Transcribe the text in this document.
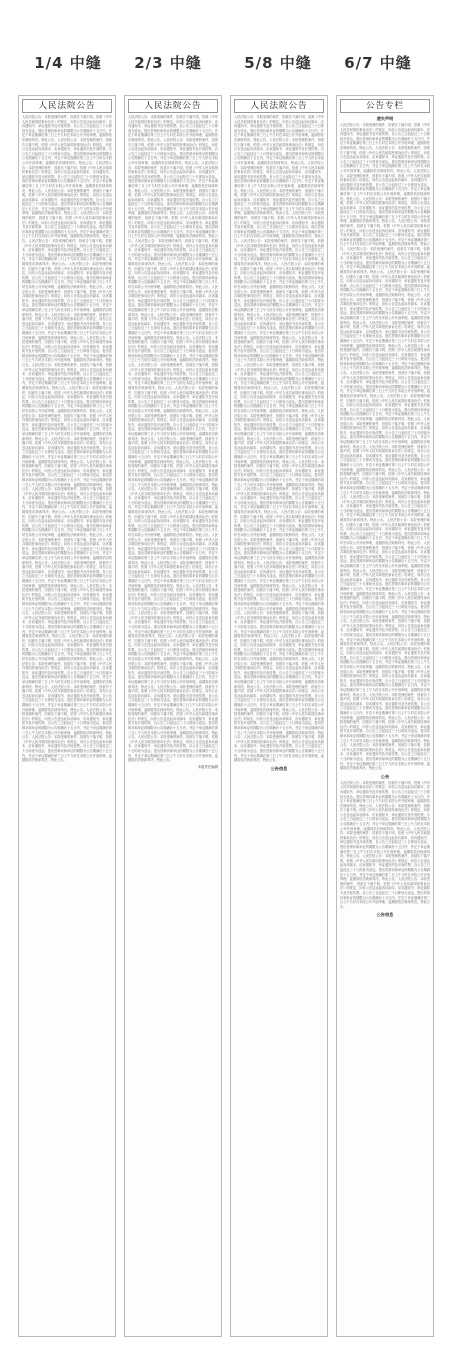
1/4 中缝	2/3 中缝	5/8 中缝	6/7 中缝
人民法院公告
人民法院公告：本院受理的案件，因被告下落不明，依照《中华人民共和国民事诉讼法》的规定，向你公告送达起诉状副本、应诉通知书、举证通知书及开庭传票。自公告之日起经过三十日即视为送达。提出答辩状和举证的期限为公告期满后十五日内，并定于举证期满后第三日上午九时在本院公开开庭审理，逾期将依法缺席判决。特此公告。人民法院公告：本院受理的案件，因被告下落不明，依照《中华人民共和国民事诉讼法》的规定，向你公告送达起诉状副本、应诉通知书、举证通知书及开庭传票。自公告之日起经过三十日即视为送达。提出答辩状和举证的期限为公告期满后十五日内，并定于举证期满后第三日上午九时在本院公开开庭审理，逾期将依法缺席判决。特此公告。人民法院公告：本院受理的案件，因被告下落不明，依照《中华人民共和国民事诉讼法》的规定，向你公告送达起诉状副本、应诉通知书、举证通知书及开庭传票。自公告之日起经过三十日即视为送达。提出答辩状和举证的期限为公告期满后十五日内，并定于举证期满后第三日上午九时在本院公开开庭审理，逾期将依法缺席判决。特此公告。人民法院公告：本院受理的案件，因被告下落不明，依照《中华人民共和国民事诉讼法》的规定，向你公告送达起诉状副本、应诉通知书、举证通知书及开庭传票。自公告之日起经过三十日即视为送达。提出答辩状和举证的期限为公告期满后十五日内，并定于举证期满后第三日上午九时在本院公开开庭审理，逾期将依法缺席判决。特此公告。人民法院公告：本院受理的案件，因被告下落不明，依照《中华人民共和国民事诉讼法》的规定，向你公告送达起诉状副本、应诉通知书、举证通知书及开庭传票。自公告之日起经过三十日即视为送达。提出答辩状和举证的期限为公告期满后十五日内，并定于举证期满后第三日上午九时在本院公开开庭审理，逾期将依法缺席判决。特此公告。人民法院公告：本院受理的案件，因被告下落不明，依照《中华人民共和国民事诉讼法》的规定，向你公告送达起诉状副本、应诉通知书、举证通知书及开庭传票。自公告之日起经过三十日即视为送达。提出答辩状和举证的期限为公告期满后十五日内，并定于举证期满后第三日上午九时在本院公开开庭审理，逾期将依法缺席判决。特此公告。人民法院公告：本院受理的案件，因被告下落不明，依照《中华人民共和国民事诉讼法》的规定，向你公告送达起诉状副本、应诉通知书、举证通知书及开庭传票。自公告之日起经过三十日即视为送达。提出答辩状和举证的期限为公告期满后十五日内，并定于举证期满后第三日上午九时在本院公开开庭审理，逾期将依法缺席判决。特此公告。人民法院公告：本院受理的案件，因被告下落不明，依照《中华人民共和国民事诉讼法》的规定，向你公告送达起诉状副本、应诉通知书、举证通知书及开庭传票。自公告之日起经过三十日即视为送达。提出答辩状和举证的期限为公告期满后十五日内，并定于举证期满后第三日上午九时在本院公开开庭审理，逾期将依法缺席判决。特此公告。人民法院公告：本院受理的案件，因被告下落不明，依照《中华人民共和国民事诉讼法》的规定，向你公告送达起诉状副本、应诉通知书、举证通知书及开庭传票。自公告之日起经过三十日即视为送达。提出答辩状和举证的期限为公告期满后十五日内，并定于举证期满后第三日上午九时在本院公开开庭审理，逾期将依法缺席判决。特此公告。人民法院公告：本院受理的案件，因被告下落不明，依照《中华人民共和国民事诉讼法》的规定，向你公告送达起诉状副本、应诉通知书、举证通知书及开庭传票。自公告之日起经过三十日即视为送达。提出答辩状和举证的期限为公告期满后十五日内，并定于举证期满后第三日上午九时在本院公开开庭审理，逾期将依法缺席判决。特此公告。人民法院公告：本院受理的案件，因被告下落不明，依照《中华人民共和国民事诉讼法》的规定，向你公告送达起诉状副本、应诉通知书、举证通知书及开庭传票。自公告之日起经过三十日即视为送达。提出答辩状和举证的期限为公告期满后十五日内，并定于举证期满后第三日上午九时在本院公开开庭审理，逾期将依法缺席判决。特此公告。人民法院公告：本院受理的案件，因被告下落不明，依照《中华人民共和国民事诉讼法》的规定，向你公告送达起诉状副本、应诉通知书、举证通知书及开庭传票。自公告之日起经过三十日即视为送达。提出答辩状和举证的期限为公告期满后十五日内，并定于举证期满后第三日上午九时在本院公开开庭审理，逾期将依法缺席判决。特此公告。人民法院公告：本院受理的案件，因被告下落不明，依照《中华人民共和国民事诉讼法》的规定，向你公告送达起诉状副本、应诉通知书、举证通知书及开庭传票。自公告之日起经过三十日即视为送达。提出答辩状和举证的期限为公告期满后十五日内，并定于举证期满后第三日上午九时在本院公开开庭审理，逾期将依法缺席判决。特此公告。人民法院公告：本院受理的案件，因被告下落不明，依照《中华人民共和国民事诉讼法》的规定，向你公告送达起诉状副本、应诉通知书、举证通知书及开庭传票。自公告之日起经过三十日即视为送达。提出答辩状和举证的期限为公告期满后十五日内，并定于举证期满后第三日上午九时在本院公开开庭审理，逾期将依法缺席判决。特此公告。人民法院公告：本院受理的案件，因被告下落不明，依照《中华人民共和国民事诉讼法》的规定，向你公告送达起诉状副本、应诉通知书、举证通知书及开庭传票。自公告之日起经过三十日即视为送达。提出答辩状和举证的期限为公告期满后十五日内，并定于举证期满后第三日上午九时在本院公开开庭审理，逾期将依法缺席判决。特此公告。人民法院公告：本院受理的案件，因被告下落不明，依照《中华人民共和国民事诉讼法》的规定，向你公告送达起诉状副本、应诉通知书、举证通知书及开庭传票。自公告之日起经过三十日即视为送达。提出答辩状和举证的期限为公告期满后十五日内，并定于举证期满后第三日上午九时在本院公开开庭审理，逾期将依法缺席判决。特此公告。人民法院公告：本院受理的案件，因被告下落不明，依照《中华人民共和国民事诉讼法》的规定，向你公告送达起诉状副本、应诉通知书、举证通知书及开庭传票。自公告之日起经过三十日即视为送达。提出答辩状和举证的期限为公告期满后十五日内，并定于举证期满后第三日上午九时在本院公开开庭审理，逾期将依法缺席判决。特此公告。人民法院公告：本院受理的案件，因被告下落不明，依照《中华人民共和国民事诉讼法》的规定，向你公告送达起诉状副本、应诉通知书、举证通知书及开庭传票。自公告之日起经过三十日即视为送达。提出答辩状和举证的期限为公告期满后十五日内，并定于举证期满后第三日上午九时在本院公开开庭审理，逾期将依法缺席判决。特此公告。人民法院公告：本院受理的案件，因被告下落不明，依照《中华人民共和国民事诉讼法》的规定，向你公告送达起诉状副本、应诉通知书、举证通知书及开庭传票。自公告之日起经过三十日即视为送达。提出答辩状和举证的期限为公告期满后十五日内，并定于举证期满后第三日上午九时在本院公开开庭审理，逾期将依法缺席判决。特此公告。人民法院公告：本院受理的案件，因被告下落不明，依照《中华人民共和国民事诉讼法》的规定，向你公告送达起诉状副本、应诉通知书、举证通知书及开庭传票。自公告之日起经过三十日即视为送达。提出答辩状和举证的期限为公告期满后十五日内，并定于举证期满后第三日上午九时在本院公开开庭审理，逾期将依法缺席判决。特此公告。人民法院公告：本院受理的案件，因被告下落不明，依照《中华人民共和国民事诉讼法》的规定，向你公告送达起诉状副本、应诉通知书、举证通知书及开庭传票。自公告之日起经过三十日即视为送达。提出答辩状和举证的期限为公告期满后十五日内，并定于举证期满后第三日上午九时在本院公开开庭审理，逾期将依法缺席判决。特此公告。人民法院公告：本院受理的案件，因被告下落不明，依照《中华人民共和国民事诉讼法》的规定，向你公告送达起诉状副本、应诉通知书、举证通知书及开庭传票。自公告之日起经过三十日即视为送达。提出答辩状和举证的期限为公告期满后十五日内，并定于举证期满后第三日上午九时在本院公开开庭审理，逾期将依法缺席判决。特此公告。人民法院公告：本院受理的案件，因被告下落不明，依照《中华人民共和国民事诉讼法》的规定，向你公告送达起诉状副本、应诉通知书、举证通知书及开庭传票。自公告之日起经过三十日即视为送达。提出答辩状和举证的期限为公告期满后十五日内，并定于举证期满后第三日上午九时在本院公开开庭审理，逾期将依法缺席判决。特此公告。人民法院公告：本院受理的案件，因被告下落不明，依照《中华人民共和国民事诉讼法》的规定，向你公告送达起诉状副本、应诉通知书、举证通知书及开庭传票。自公告之日起经过三十日即视为送达。提出答辩状和举证的期限为公告期满后十五日内，并定于举证期满后第三日上午九时在本院公开开庭审理，逾期将依法缺席判决。特此公告。人民法院公告：本院受理的案件，因被告下落不明，依照《中华人民共和国民事诉讼法》的规定，向你公告送达起诉状副本、应诉通知书、举证通知书及开庭传票。自公告之日起经过三十日即视为送达。提出答辩状和举证的期限为公告期满后十五日内，并定于举证期满后第三日上午九时在本院公开开庭审理，逾期将依法缺席判决。特此公告。人民法院公告：本院受理的案件，因被告下落不明，依照《中华人民共和国民事诉讼法》的规定，向你公告送达起诉状副本、应诉通知书、举证通知书及开庭传票。自公告之日起经过三十日即视为送达。提出答辩状和举证的期限为公告期满后十五日内，并定于举证期满后第三日上午九时在本院公开开庭审理，逾期将依法缺席判决。特此公告。
人民法院公告
人民法院公告：本院受理的案件，因被告下落不明，依照《中华人民共和国民事诉讼法》的规定，向你公告送达起诉状副本、应诉通知书、举证通知书及开庭传票。自公告之日起经过三十日即视为送达。提出答辩状和举证的期限为公告期满后十五日内，并定于举证期满后第三日上午九时在本院公开开庭审理，逾期将依法缺席判决。特此公告。人民法院公告：本院受理的案件，因被告下落不明，依照《中华人民共和国民事诉讼法》的规定，向你公告送达起诉状副本、应诉通知书、举证通知书及开庭传票。自公告之日起经过三十日即视为送达。提出答辩状和举证的期限为公告期满后十五日内，并定于举证期满后第三日上午九时在本院公开开庭审理，逾期将依法缺席判决。特此公告。人民法院公告：本院受理的案件，因被告下落不明，依照《中华人民共和国民事诉讼法》的规定，向你公告送达起诉状副本、应诉通知书、举证通知书及开庭传票。自公告之日起经过三十日即视为送达。提出答辩状和举证的期限为公告期满后十五日内，并定于举证期满后第三日上午九时在本院公开开庭审理，逾期将依法缺席判决。特此公告。人民法院公告：本院受理的案件，因被告下落不明，依照《中华人民共和国民事诉讼法》的规定，向你公告送达起诉状副本、应诉通知书、举证通知书及开庭传票。自公告之日起经过三十日即视为送达。提出答辩状和举证的期限为公告期满后十五日内，并定于举证期满后第三日上午九时在本院公开开庭审理，逾期将依法缺席判决。特此公告。人民法院公告：本院受理的案件，因被告下落不明，依照《中华人民共和国民事诉讼法》的规定，向你公告送达起诉状副本、应诉通知书、举证通知书及开庭传票。自公告之日起经过三十日即视为送达。提出答辩状和举证的期限为公告期满后十五日内，并定于举证期满后第三日上午九时在本院公开开庭审理，逾期将依法缺席判决。特此公告。人民法院公告：本院受理的案件，因被告下落不明，依照《中华人民共和国民事诉讼法》的规定，向你公告送达起诉状副本、应诉通知书、举证通知书及开庭传票。自公告之日起经过三十日即视为送达。提出答辩状和举证的期限为公告期满后十五日内，并定于举证期满后第三日上午九时在本院公开开庭审理，逾期将依法缺席判决。特此公告。人民法院公告：本院受理的案件，因被告下落不明，依照《中华人民共和国民事诉讼法》的规定，向你公告送达起诉状副本、应诉通知书、举证通知书及开庭传票。自公告之日起经过三十日即视为送达。提出答辩状和举证的期限为公告期满后十五日内，并定于举证期满后第三日上午九时在本院公开开庭审理，逾期将依法缺席判决。特此公告。人民法院公告：本院受理的案件，因被告下落不明，依照《中华人民共和国民事诉讼法》的规定，向你公告送达起诉状副本、应诉通知书、举证通知书及开庭传票。自公告之日起经过三十日即视为送达。提出答辩状和举证的期限为公告期满后十五日内，并定于举证期满后第三日上午九时在本院公开开庭审理，逾期将依法缺席判决。特此公告。人民法院公告：本院受理的案件，因被告下落不明，依照《中华人民共和国民事诉讼法》的规定，向你公告送达起诉状副本、应诉通知书、举证通知书及开庭传票。自公告之日起经过三十日即视为送达。提出答辩状和举证的期限为公告期满后十五日内，并定于举证期满后第三日上午九时在本院公开开庭审理，逾期将依法缺席判决。特此公告。人民法院公告：本院受理的案件，因被告下落不明，依照《中华人民共和国民事诉讼法》的规定，向你公告送达起诉状副本、应诉通知书、举证通知书及开庭传票。自公告之日起经过三十日即视为送达。提出答辩状和举证的期限为公告期满后十五日内，并定于举证期满后第三日上午九时在本院公开开庭审理，逾期将依法缺席判决。特此公告。人民法院公告：本院受理的案件，因被告下落不明，依照《中华人民共和国民事诉讼法》的规定，向你公告送达起诉状副本、应诉通知书、举证通知书及开庭传票。自公告之日起经过三十日即视为送达。提出答辩状和举证的期限为公告期满后十五日内，并定于举证期满后第三日上午九时在本院公开开庭审理，逾期将依法缺席判决。特此公告。人民法院公告：本院受理的案件，因被告下落不明，依照《中华人民共和国民事诉讼法》的规定，向你公告送达起诉状副本、应诉通知书、举证通知书及开庭传票。自公告之日起经过三十日即视为送达。提出答辩状和举证的期限为公告期满后十五日内，并定于举证期满后第三日上午九时在本院公开开庭审理，逾期将依法缺席判决。特此公告。人民法院公告：本院受理的案件，因被告下落不明，依照《中华人民共和国民事诉讼法》的规定，向你公告送达起诉状副本、应诉通知书、举证通知书及开庭传票。自公告之日起经过三十日即视为送达。提出答辩状和举证的期限为公告期满后十五日内，并定于举证期满后第三日上午九时在本院公开开庭审理，逾期将依法缺席判决。特此公告。人民法院公告：本院受理的案件，因被告下落不明，依照《中华人民共和国民事诉讼法》的规定，向你公告送达起诉状副本、应诉通知书、举证通知书及开庭传票。自公告之日起经过三十日即视为送达。提出答辩状和举证的期限为公告期满后十五日内，并定于举证期满后第三日上午九时在本院公开开庭审理，逾期将依法缺席判决。特此公告。人民法院公告：本院受理的案件，因被告下落不明，依照《中华人民共和国民事诉讼法》的规定，向你公告送达起诉状副本、应诉通知书、举证通知书及开庭传票。自公告之日起经过三十日即视为送达。提出答辩状和举证的期限为公告期满后十五日内，并定于举证期满后第三日上午九时在本院公开开庭审理，逾期将依法缺席判决。特此公告。人民法院公告：本院受理的案件，因被告下落不明，依照《中华人民共和国民事诉讼法》的规定，向你公告送达起诉状副本、应诉通知书、举证通知书及开庭传票。自公告之日起经过三十日即视为送达。提出答辩状和举证的期限为公告期满后十五日内，并定于举证期满后第三日上午九时在本院公开开庭审理，逾期将依法缺席判决。特此公告。人民法院公告：本院受理的案件，因被告下落不明，依照《中华人民共和国民事诉讼法》的规定，向你公告送达起诉状副本、应诉通知书、举证通知书及开庭传票。自公告之日起经过三十日即视为送达。提出答辩状和举证的期限为公告期满后十五日内，并定于举证期满后第三日上午九时在本院公开开庭审理，逾期将依法缺席判决。特此公告。人民法院公告：本院受理的案件，因被告下落不明，依照《中华人民共和国民事诉讼法》的规定，向你公告送达起诉状副本、应诉通知书、举证通知书及开庭传票。自公告之日起经过三十日即视为送达。提出答辩状和举证的期限为公告期满后十五日内，并定于举证期满后第三日上午九时在本院公开开庭审理，逾期将依法缺席判决。特此公告。人民法院公告：本院受理的案件，因被告下落不明，依照《中华人民共和国民事诉讼法》的规定，向你公告送达起诉状副本、应诉通知书、举证通知书及开庭传票。自公告之日起经过三十日即视为送达。提出答辩状和举证的期限为公告期满后十五日内，并定于举证期满后第三日上午九时在本院公开开庭审理，逾期将依法缺席判决。特此公告。人民法院公告：本院受理的案件，因被告下落不明，依照《中华人民共和国民事诉讼法》的规定，向你公告送达起诉状副本、应诉通知书、举证通知书及开庭传票。自公告之日起经过三十日即视为送达。提出答辩状和举证的期限为公告期满后十五日内，并定于举证期满后第三日上午九时在本院公开开庭审理，逾期将依法缺席判决。特此公告。人民法院公告：本院受理的案件，因被告下落不明，依照《中华人民共和国民事诉讼法》的规定，向你公告送达起诉状副本、应诉通知书、举证通知书及开庭传票。自公告之日起经过三十日即视为送达。提出答辩状和举证的期限为公告期满后十五日内，并定于举证期满后第三日上午九时在本院公开开庭审理，逾期将依法缺席判决。特此公告。人民法院公告：本院受理的案件，因被告下落不明，依照《中华人民共和国民事诉讼法》的规定，向你公告送达起诉状副本、应诉通知书、举证通知书及开庭传票。自公告之日起经过三十日即视为送达。提出答辩状和举证的期限为公告期满后十五日内，并定于举证期满后第三日上午九时在本院公开开庭审理，逾期将依法缺席判决。特此公告。人民法院公告：本院受理的案件，因被告下落不明，依照《中华人民共和国民事诉讼法》的规定，向你公告送达起诉状副本、应诉通知书、举证通知书及开庭传票。自公告之日起经过三十日即视为送达。提出答辩状和举证的期限为公告期满后十五日内，并定于举证期满后第三日上午九时在本院公开开庭审理，逾期将依法缺席判决。特此公告。人民法院公告：本院受理的案件，因被告下落不明，依照《中华人民共和国民事诉讼法》的规定，向你公告送达起诉状副本、应诉通知书、举证通知书及开庭传票。自公告之日起经过三十日即视为送达。提出答辩状和举证的期限为公告期满后十五日内，并定于举证期满后第三日上午九时在本院公开开庭审理，逾期将依法缺席判决。特此公告。人民法院公告：本院受理的案件，因被告下落不明，依照《中华人民共和国民事诉讼法》的规定，向你公告送达起诉状副本、应诉通知书、举证通知书及开庭传票。自公告之日起经过三十日即视为送达。提出答辩状和举证的期限为公告期满后十五日内，并定于举证期满后第三日上午九时在本院公开开庭审理，逾期将依法缺席判决。特此公告。人民法院公告：本院受理的案件，因被告下落不明，依照《中华人民共和国民事诉讼法》的规定，向你公告送达起诉状副本、应诉通知书、举证通知书及开庭传票。自公告之日起经过三十日即视为送达。提出答辩状和举证的期限为公告期满后十五日内，并定于举证期满后第三日上午九时在本院公开开庭审理，逾期将依法缺席判决。特此公告。
本版责任编辑
人民法院公告
人民法院公告：本院受理的案件，因被告下落不明，依照《中华人民共和国民事诉讼法》的规定，向你公告送达起诉状副本、应诉通知书、举证通知书及开庭传票。自公告之日起经过三十日即视为送达。提出答辩状和举证的期限为公告期满后十五日内，并定于举证期满后第三日上午九时在本院公开开庭审理，逾期将依法缺席判决。特此公告。人民法院公告：本院受理的案件，因被告下落不明，依照《中华人民共和国民事诉讼法》的规定，向你公告送达起诉状副本、应诉通知书、举证通知书及开庭传票。自公告之日起经过三十日即视为送达。提出答辩状和举证的期限为公告期满后十五日内，并定于举证期满后第三日上午九时在本院公开开庭审理，逾期将依法缺席判决。特此公告。人民法院公告：本院受理的案件，因被告下落不明，依照《中华人民共和国民事诉讼法》的规定，向你公告送达起诉状副本、应诉通知书、举证通知书及开庭传票。自公告之日起经过三十日即视为送达。提出答辩状和举证的期限为公告期满后十五日内，并定于举证期满后第三日上午九时在本院公开开庭审理，逾期将依法缺席判决。特此公告。人民法院公告：本院受理的案件，因被告下落不明，依照《中华人民共和国民事诉讼法》的规定，向你公告送达起诉状副本、应诉通知书、举证通知书及开庭传票。自公告之日起经过三十日即视为送达。提出答辩状和举证的期限为公告期满后十五日内，并定于举证期满后第三日上午九时在本院公开开庭审理，逾期将依法缺席判决。特此公告。人民法院公告：本院受理的案件，因被告下落不明，依照《中华人民共和国民事诉讼法》的规定，向你公告送达起诉状副本、应诉通知书、举证通知书及开庭传票。自公告之日起经过三十日即视为送达。提出答辩状和举证的期限为公告期满后十五日内，并定于举证期满后第三日上午九时在本院公开开庭审理，逾期将依法缺席判决。特此公告。人民法院公告：本院受理的案件，因被告下落不明，依照《中华人民共和国民事诉讼法》的规定，向你公告送达起诉状副本、应诉通知书、举证通知书及开庭传票。自公告之日起经过三十日即视为送达。提出答辩状和举证的期限为公告期满后十五日内，并定于举证期满后第三日上午九时在本院公开开庭审理，逾期将依法缺席判决。特此公告。人民法院公告：本院受理的案件，因被告下落不明，依照《中华人民共和国民事诉讼法》的规定，向你公告送达起诉状副本、应诉通知书、举证通知书及开庭传票。自公告之日起经过三十日即视为送达。提出答辩状和举证的期限为公告期满后十五日内，并定于举证期满后第三日上午九时在本院公开开庭审理，逾期将依法缺席判决。特此公告。人民法院公告：本院受理的案件，因被告下落不明，依照《中华人民共和国民事诉讼法》的规定，向你公告送达起诉状副本、应诉通知书、举证通知书及开庭传票。自公告之日起经过三十日即视为送达。提出答辩状和举证的期限为公告期满后十五日内，并定于举证期满后第三日上午九时在本院公开开庭审理，逾期将依法缺席判决。特此公告。人民法院公告：本院受理的案件，因被告下落不明，依照《中华人民共和国民事诉讼法》的规定，向你公告送达起诉状副本、应诉通知书、举证通知书及开庭传票。自公告之日起经过三十日即视为送达。提出答辩状和举证的期限为公告期满后十五日内，并定于举证期满后第三日上午九时在本院公开开庭审理，逾期将依法缺席判决。特此公告。人民法院公告：本院受理的案件，因被告下落不明，依照《中华人民共和国民事诉讼法》的规定，向你公告送达起诉状副本、应诉通知书、举证通知书及开庭传票。自公告之日起经过三十日即视为送达。提出答辩状和举证的期限为公告期满后十五日内，并定于举证期满后第三日上午九时在本院公开开庭审理，逾期将依法缺席判决。特此公告。人民法院公告：本院受理的案件，因被告下落不明，依照《中华人民共和国民事诉讼法》的规定，向你公告送达起诉状副本、应诉通知书、举证通知书及开庭传票。自公告之日起经过三十日即视为送达。提出答辩状和举证的期限为公告期满后十五日内，并定于举证期满后第三日上午九时在本院公开开庭审理，逾期将依法缺席判决。特此公告。人民法院公告：本院受理的案件，因被告下落不明，依照《中华人民共和国民事诉讼法》的规定，向你公告送达起诉状副本、应诉通知书、举证通知书及开庭传票。自公告之日起经过三十日即视为送达。提出答辩状和举证的期限为公告期满后十五日内，并定于举证期满后第三日上午九时在本院公开开庭审理，逾期将依法缺席判决。特此公告。人民法院公告：本院受理的案件，因被告下落不明，依照《中华人民共和国民事诉讼法》的规定，向你公告送达起诉状副本、应诉通知书、举证通知书及开庭传票。自公告之日起经过三十日即视为送达。提出答辩状和举证的期限为公告期满后十五日内，并定于举证期满后第三日上午九时在本院公开开庭审理，逾期将依法缺席判决。特此公告。人民法院公告：本院受理的案件，因被告下落不明，依照《中华人民共和国民事诉讼法》的规定，向你公告送达起诉状副本、应诉通知书、举证通知书及开庭传票。自公告之日起经过三十日即视为送达。提出答辩状和举证的期限为公告期满后十五日内，并定于举证期满后第三日上午九时在本院公开开庭审理，逾期将依法缺席判决。特此公告。人民法院公告：本院受理的案件，因被告下落不明，依照《中华人民共和国民事诉讼法》的规定，向你公告送达起诉状副本、应诉通知书、举证通知书及开庭传票。自公告之日起经过三十日即视为送达。提出答辩状和举证的期限为公告期满后十五日内，并定于举证期满后第三日上午九时在本院公开开庭审理，逾期将依法缺席判决。特此公告。人民法院公告：本院受理的案件，因被告下落不明，依照《中华人民共和国民事诉讼法》的规定，向你公告送达起诉状副本、应诉通知书、举证通知书及开庭传票。自公告之日起经过三十日即视为送达。提出答辩状和举证的期限为公告期满后十五日内，并定于举证期满后第三日上午九时在本院公开开庭审理，逾期将依法缺席判决。特此公告。人民法院公告：本院受理的案件，因被告下落不明，依照《中华人民共和国民事诉讼法》的规定，向你公告送达起诉状副本、应诉通知书、举证通知书及开庭传票。自公告之日起经过三十日即视为送达。提出答辩状和举证的期限为公告期满后十五日内，并定于举证期满后第三日上午九时在本院公开开庭审理，逾期将依法缺席判决。特此公告。人民法院公告：本院受理的案件，因被告下落不明，依照《中华人民共和国民事诉讼法》的规定，向你公告送达起诉状副本、应诉通知书、举证通知书及开庭传票。自公告之日起经过三十日即视为送达。提出答辩状和举证的期限为公告期满后十五日内，并定于举证期满后第三日上午九时在本院公开开庭审理，逾期将依法缺席判决。特此公告。人民法院公告：本院受理的案件，因被告下落不明，依照《中华人民共和国民事诉讼法》的规定，向你公告送达起诉状副本、应诉通知书、举证通知书及开庭传票。自公告之日起经过三十日即视为送达。提出答辩状和举证的期限为公告期满后十五日内，并定于举证期满后第三日上午九时在本院公开开庭审理，逾期将依法缺席判决。特此公告。人民法院公告：本院受理的案件，因被告下落不明，依照《中华人民共和国民事诉讼法》的规定，向你公告送达起诉状副本、应诉通知书、举证通知书及开庭传票。自公告之日起经过三十日即视为送达。提出答辩状和举证的期限为公告期满后十五日内，并定于举证期满后第三日上午九时在本院公开开庭审理，逾期将依法缺席判决。特此公告。人民法院公告：本院受理的案件，因被告下落不明，依照《中华人民共和国民事诉讼法》的规定，向你公告送达起诉状副本、应诉通知书、举证通知书及开庭传票。自公告之日起经过三十日即视为送达。提出答辩状和举证的期限为公告期满后十五日内，并定于举证期满后第三日上午九时在本院公开开庭审理，逾期将依法缺席判决。特此公告。人民法院公告：本院受理的案件，因被告下落不明，依照《中华人民共和国民事诉讼法》的规定，向你公告送达起诉状副本、应诉通知书、举证通知书及开庭传票。自公告之日起经过三十日即视为送达。提出答辩状和举证的期限为公告期满后十五日内，并定于举证期满后第三日上午九时在本院公开开庭审理，逾期将依法缺席判决。特此公告。人民法院公告：本院受理的案件，因被告下落不明，依照《中华人民共和国民事诉讼法》的规定，向你公告送达起诉状副本、应诉通知书、举证通知书及开庭传票。自公告之日起经过三十日即视为送达。提出答辩状和举证的期限为公告期满后十五日内，并定于举证期满后第三日上午九时在本院公开开庭审理，逾期将依法缺席判决。特此公告。人民法院公告：本院受理的案件，因被告下落不明，依照《中华人民共和国民事诉讼法》的规定，向你公告送达起诉状副本、应诉通知书、举证通知书及开庭传票。自公告之日起经过三十日即视为送达。提出答辩状和举证的期限为公告期满后十五日内，并定于举证期满后第三日上午九时在本院公开开庭审理，逾期将依法缺席判决。特此公告。人民法院公告：本院受理的案件，因被告下落不明，依照《中华人民共和国民事诉讼法》的规定，向你公告送达起诉状副本、应诉通知书、举证通知书及开庭传票。自公告之日起经过三十日即视为送达。提出答辩状和举证的期限为公告期满后十五日内，并定于举证期满后第三日上午九时在本院公开开庭审理，逾期将依法缺席判决。特此公告。人民法院公告：本院受理的案件，因被告下落不明，依照《中华人民共和国民事诉讼法》的规定，向你公告送达起诉状副本、应诉通知书、举证通知书及开庭传票。自公告之日起经过三十日即视为送达。提出答辩状和举证的期限为公告期满后十五日内，并定于举证期满后第三日上午九时在本院公开开庭审理，逾期将依法缺席判决。特此公告。
公告信息
公告专栏
遗失声明
人民法院公告：本院受理的案件，因被告下落不明，依照《中华人民共和国民事诉讼法》的规定，向你公告送达起诉状副本、应诉通知书、举证通知书及开庭传票。自公告之日起经过三十日即视为送达。提出答辩状和举证的期限为公告期满后十五日内，并定于举证期满后第三日上午九时在本院公开开庭审理，逾期将依法缺席判决。特此公告。人民法院公告：本院受理的案件，因被告下落不明，依照《中华人民共和国民事诉讼法》的规定，向你公告送达起诉状副本、应诉通知书、举证通知书及开庭传票。自公告之日起经过三十日即视为送达。提出答辩状和举证的期限为公告期满后十五日内，并定于举证期满后第三日上午九时在本院公开开庭审理，逾期将依法缺席判决。特此公告。人民法院公告：本院受理的案件，因被告下落不明，依照《中华人民共和国民事诉讼法》的规定，向你公告送达起诉状副本、应诉通知书、举证通知书及开庭传票。自公告之日起经过三十日即视为送达。提出答辩状和举证的期限为公告期满后十五日内，并定于举证期满后第三日上午九时在本院公开开庭审理，逾期将依法缺席判决。特此公告。人民法院公告：本院受理的案件，因被告下落不明，依照《中华人民共和国民事诉讼法》的规定，向你公告送达起诉状副本、应诉通知书、举证通知书及开庭传票。自公告之日起经过三十日即视为送达。提出答辩状和举证的期限为公告期满后十五日内，并定于举证期满后第三日上午九时在本院公开开庭审理，逾期将依法缺席判决。特此公告。人民法院公告：本院受理的案件，因被告下落不明，依照《中华人民共和国民事诉讼法》的规定，向你公告送达起诉状副本、应诉通知书、举证通知书及开庭传票。自公告之日起经过三十日即视为送达。提出答辩状和举证的期限为公告期满后十五日内，并定于举证期满后第三日上午九时在本院公开开庭审理，逾期将依法缺席判决。特此公告。人民法院公告：本院受理的案件，因被告下落不明，依照《中华人民共和国民事诉讼法》的规定，向你公告送达起诉状副本、应诉通知书、举证通知书及开庭传票。自公告之日起经过三十日即视为送达。提出答辩状和举证的期限为公告期满后十五日内，并定于举证期满后第三日上午九时在本院公开开庭审理，逾期将依法缺席判决。特此公告。人民法院公告：本院受理的案件，因被告下落不明，依照《中华人民共和国民事诉讼法》的规定，向你公告送达起诉状副本、应诉通知书、举证通知书及开庭传票。自公告之日起经过三十日即视为送达。提出答辩状和举证的期限为公告期满后十五日内，并定于举证期满后第三日上午九时在本院公开开庭审理，逾期将依法缺席判决。特此公告。人民法院公告：本院受理的案件，因被告下落不明，依照《中华人民共和国民事诉讼法》的规定，向你公告送达起诉状副本、应诉通知书、举证通知书及开庭传票。自公告之日起经过三十日即视为送达。提出答辩状和举证的期限为公告期满后十五日内，并定于举证期满后第三日上午九时在本院公开开庭审理，逾期将依法缺席判决。特此公告。人民法院公告：本院受理的案件，因被告下落不明，依照《中华人民共和国民事诉讼法》的规定，向你公告送达起诉状副本、应诉通知书、举证通知书及开庭传票。自公告之日起经过三十日即视为送达。提出答辩状和举证的期限为公告期满后十五日内，并定于举证期满后第三日上午九时在本院公开开庭审理，逾期将依法缺席判决。特此公告。人民法院公告：本院受理的案件，因被告下落不明，依照《中华人民共和国民事诉讼法》的规定，向你公告送达起诉状副本、应诉通知书、举证通知书及开庭传票。自公告之日起经过三十日即视为送达。提出答辩状和举证的期限为公告期满后十五日内，并定于举证期满后第三日上午九时在本院公开开庭审理，逾期将依法缺席判决。特此公告。人民法院公告：本院受理的案件，因被告下落不明，依照《中华人民共和国民事诉讼法》的规定，向你公告送达起诉状副本、应诉通知书、举证通知书及开庭传票。自公告之日起经过三十日即视为送达。提出答辩状和举证的期限为公告期满后十五日内，并定于举证期满后第三日上午九时在本院公开开庭审理，逾期将依法缺席判决。特此公告。人民法院公告：本院受理的案件，因被告下落不明，依照《中华人民共和国民事诉讼法》的规定，向你公告送达起诉状副本、应诉通知书、举证通知书及开庭传票。自公告之日起经过三十日即视为送达。提出答辩状和举证的期限为公告期满后十五日内，并定于举证期满后第三日上午九时在本院公开开庭审理，逾期将依法缺席判决。特此公告。人民法院公告：本院受理的案件，因被告下落不明，依照《中华人民共和国民事诉讼法》的规定，向你公告送达起诉状副本、应诉通知书、举证通知书及开庭传票。自公告之日起经过三十日即视为送达。提出答辩状和举证的期限为公告期满后十五日内，并定于举证期满后第三日上午九时在本院公开开庭审理，逾期将依法缺席判决。特此公告。人民法院公告：本院受理的案件，因被告下落不明，依照《中华人民共和国民事诉讼法》的规定，向你公告送达起诉状副本、应诉通知书、举证通知书及开庭传票。自公告之日起经过三十日即视为送达。提出答辩状和举证的期限为公告期满后十五日内，并定于举证期满后第三日上午九时在本院公开开庭审理，逾期将依法缺席判决。特此公告。人民法院公告：本院受理的案件，因被告下落不明，依照《中华人民共和国民事诉讼法》的规定，向你公告送达起诉状副本、应诉通知书、举证通知书及开庭传票。自公告之日起经过三十日即视为送达。提出答辩状和举证的期限为公告期满后十五日内，并定于举证期满后第三日上午九时在本院公开开庭审理，逾期将依法缺席判决。特此公告。人民法院公告：本院受理的案件，因被告下落不明，依照《中华人民共和国民事诉讼法》的规定，向你公告送达起诉状副本、应诉通知书、举证通知书及开庭传票。自公告之日起经过三十日即视为送达。提出答辩状和举证的期限为公告期满后十五日内，并定于举证期满后第三日上午九时在本院公开开庭审理，逾期将依法缺席判决。特此公告。人民法院公告：本院受理的案件，因被告下落不明，依照《中华人民共和国民事诉讼法》的规定，向你公告送达起诉状副本、应诉通知书、举证通知书及开庭传票。自公告之日起经过三十日即视为送达。提出答辩状和举证的期限为公告期满后十五日内，并定于举证期满后第三日上午九时在本院公开开庭审理，逾期将依法缺席判决。特此公告。人民法院公告：本院受理的案件，因被告下落不明，依照《中华人民共和国民事诉讼法》的规定，向你公告送达起诉状副本、应诉通知书、举证通知书及开庭传票。自公告之日起经过三十日即视为送达。提出答辩状和举证的期限为公告期满后十五日内，并定于举证期满后第三日上午九时在本院公开开庭审理，逾期将依法缺席判决。特此公告。人民法院公告：本院受理的案件，因被告下落不明，依照《中华人民共和国民事诉讼法》的规定，向你公告送达起诉状副本、应诉通知书、举证通知书及开庭传票。自公告之日起经过三十日即视为送达。提出答辩状和举证的期限为公告期满后十五日内，并定于举证期满后第三日上午九时在本院公开开庭审理，逾期将依法缺席判决。特此公告。人民法院公告：本院受理的案件，因被告下落不明，依照《中华人民共和国民事诉讼法》的规定，向你公告送达起诉状副本、应诉通知书、举证通知书及开庭传票。自公告之日起经过三十日即视为送达。提出答辩状和举证的期限为公告期满后十五日内，并定于举证期满后第三日上午九时在本院公开开庭审理，逾期将依法缺席判决。特此公告。人民法院公告：本院受理的案件，因被告下落不明，依照《中华人民共和国民事诉讼法》的规定，向你公告送达起诉状副本、应诉通知书、举证通知书及开庭传票。自公告之日起经过三十日即视为送达。提出答辩状和举证的期限为公告期满后十五日内，并定于举证期满后第三日上午九时在本院公开开庭审理，逾期将依法缺席判决。特此公告。人民法院公告：本院受理的案件，因被告下落不明，依照《中华人民共和国民事诉讼法》的规定，向你公告送达起诉状副本、应诉通知书、举证通知书及开庭传票。自公告之日起经过三十日即视为送达。提出答辩状和举证的期限为公告期满后十五日内，并定于举证期满后第三日上午九时在本院公开开庭审理，逾期将依法缺席判决。特此公告。人民法院公告：本院受理的案件，因被告下落不明，依照《中华人民共和国民事诉讼法》的规定，向你公告送达起诉状副本、应诉通知书、举证通知书及开庭传票。自公告之日起经过三十日即视为送达。提出答辩状和举证的期限为公告期满后十五日内，并定于举证期满后第三日上午九时在本院公开开庭审理，逾期将依法缺席判决。特此公告。人民法院公告：本院受理的案件，因被告下落不明，依照《中华人民共和国民事诉讼法》的规定，向你公告送达起诉状副本、应诉通知书、举证通知书及开庭传票。自公告之日起经过三十日即视为送达。提出答辩状和举证的期限为公告期满后十五日内，并定于举证期满后第三日上午九时在本院公开开庭审理，逾期将依法缺席判决。特此公告。人民法院公告：本院受理的案件，因被告下落不明，依照《中华人民共和国民事诉讼法》的规定，向你公告送达起诉状副本、应诉通知书、举证通知书及开庭传票。自公告之日起经过三十日即视为送达。提出答辩状和举证的期限为公告期满后十五日内，并定于举证期满后第三日上午九时在本院公开开庭审理，逾期将依法缺席判决。特此公告。人民法院公告：本院受理的案件，因被告下落不明，依照《中华人民共和国民事诉讼法》的规定，向你公告送达起诉状副本、应诉通知书、举证通知书及开庭传票。自公告之日起经过三十日即视为送达。提出答辩状和举证的期限为公告期满后十五日内，并定于举证期满后第三日上午九时在本院公开开庭审理，逾期将依法缺席判决。特此公告。
公告
人民法院公告：本院受理的案件，因被告下落不明，依照《中华人民共和国民事诉讼法》的规定，向你公告送达起诉状副本、应诉通知书、举证通知书及开庭传票。自公告之日起经过三十日即视为送达。提出答辩状和举证的期限为公告期满后十五日内，并定于举证期满后第三日上午九时在本院公开开庭审理，逾期将依法缺席判决。特此公告。人民法院公告：本院受理的案件，因被告下落不明，依照《中华人民共和国民事诉讼法》的规定，向你公告送达起诉状副本、应诉通知书、举证通知书及开庭传票。自公告之日起经过三十日即视为送达。提出答辩状和举证的期限为公告期满后十五日内，并定于举证期满后第三日上午九时在本院公开开庭审理，逾期将依法缺席判决。特此公告。人民法院公告：本院受理的案件，因被告下落不明，依照《中华人民共和国民事诉讼法》的规定，向你公告送达起诉状副本、应诉通知书、举证通知书及开庭传票。自公告之日起经过三十日即视为送达。提出答辩状和举证的期限为公告期满后十五日内，并定于举证期满后第三日上午九时在本院公开开庭审理，逾期将依法缺席判决。特此公告。人民法院公告：本院受理的案件，因被告下落不明，依照《中华人民共和国民事诉讼法》的规定，向你公告送达起诉状副本、应诉通知书、举证通知书及开庭传票。自公告之日起经过三十日即视为送达。提出答辩状和举证的期限为公告期满后十五日内，并定于举证期满后第三日上午九时在本院公开开庭审理，逾期将依法缺席判决。特此公告。人民法院公告：本院受理的案件，因被告下落不明，依照《中华人民共和国民事诉讼法》的规定，向你公告送达起诉状副本、应诉通知书、举证通知书及开庭传票。自公告之日起经过三十日即视为送达。提出答辩状和举证的期限为公告期满后十五日内，并定于举证期满后第三日上午九时在本院公开开庭审理，逾期将依法缺席判决。特此公告。
公告信息
